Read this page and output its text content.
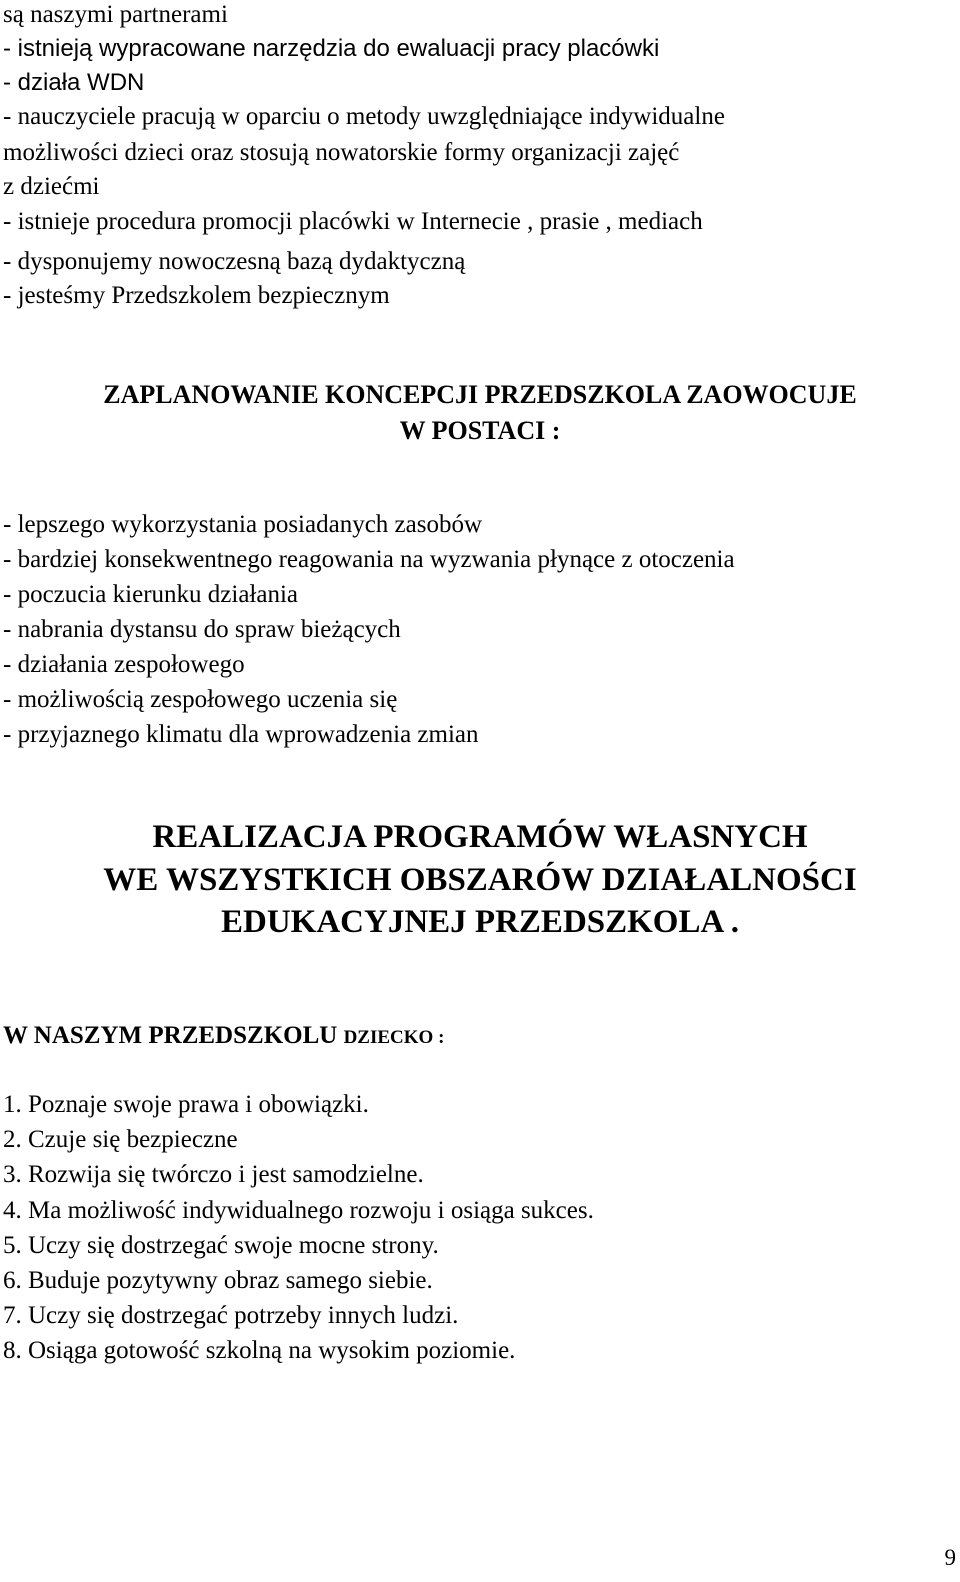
są naszymi partnerami
- istnieją wypracowane narzędzia do ewaluacji pracy placówki
- działa WDN
- nauczyciele pracują w oparciu o metody uwzględniające indywidualne
możliwości dzieci oraz stosują nowatorskie formy organizacji zajęć
z dziećmi
- istnieje procedura promocji placówki w Internecie , prasie , mediach
- dysponujemy nowoczesną bazą dydaktyczną
- jesteśmy Przedszkolem bezpiecznym
ZAPLANOWANIE KONCEPCJI PRZEDSZKOLA ZAOWOCUJE
W POSTACI :
- lepszego wykorzystania posiadanych zasobów
- bardziej konsekwentnego reagowania na wyzwania płynące z otoczenia
- poczucia kierunku działania
- nabrania dystansu do spraw bieżących
- działania zespołowego
- możliwością zespołowego uczenia się
- przyjaznego klimatu dla wprowadzenia zmian
REALIZACJA PROGRAMÓW WŁASNYCH
WE WSZYSTKICH OBSZARÓW DZIAŁALNOŚCI
EDUKACYJNEJ PRZEDSZKOLA .
W NASZYM PRZEDSZKOLU DZIECKO :
1. Poznaje swoje prawa i obowiązki.
2. Czuje się bezpieczne
3. Rozwija się twórczo i jest samodzielne.
4. Ma możliwość indywidualnego rozwoju i osiąga sukces.
5. Uczy się dostrzegać swoje mocne strony.
6. Buduje pozytywny obraz samego siebie.
7. Uczy się dostrzegać potrzeby innych ludzi.
8. Osiąga gotowość szkolną na wysokim poziomie.
9
